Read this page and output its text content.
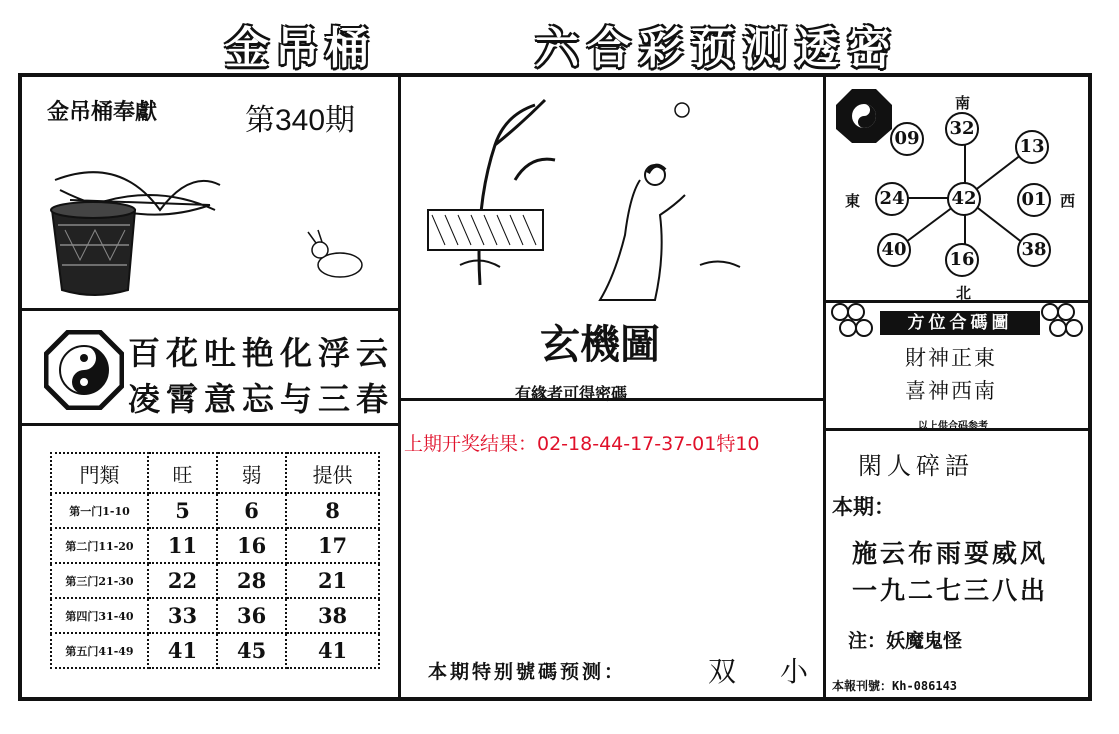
金吊桶	六合彩预测透密
金吊桶奉獻	第340期
百花吐艳化浮云
凌霄意忘与三春
門類	旺	弱	提供
第一门1-10	5	6	8
第二门11-20	11	16	17
第三门21-30	22	28	21
第四门31-40	33	36	38
第五门41-49	41	45	41
玄機圖
有緣者可得密碼
上期开奖结果：02-18-44-17-37-01特10
本期特别號碼预测：	双 小
南
北
東	西
32
09	13
24	42 01
40 16	38
方位合碼圖
財神正東
喜神西南
以上供合码参考
閑人碎語
本期：
施云布雨耍威风
一九二七三八出
注：妖魔鬼怪
本報刊號：Kh-086143
